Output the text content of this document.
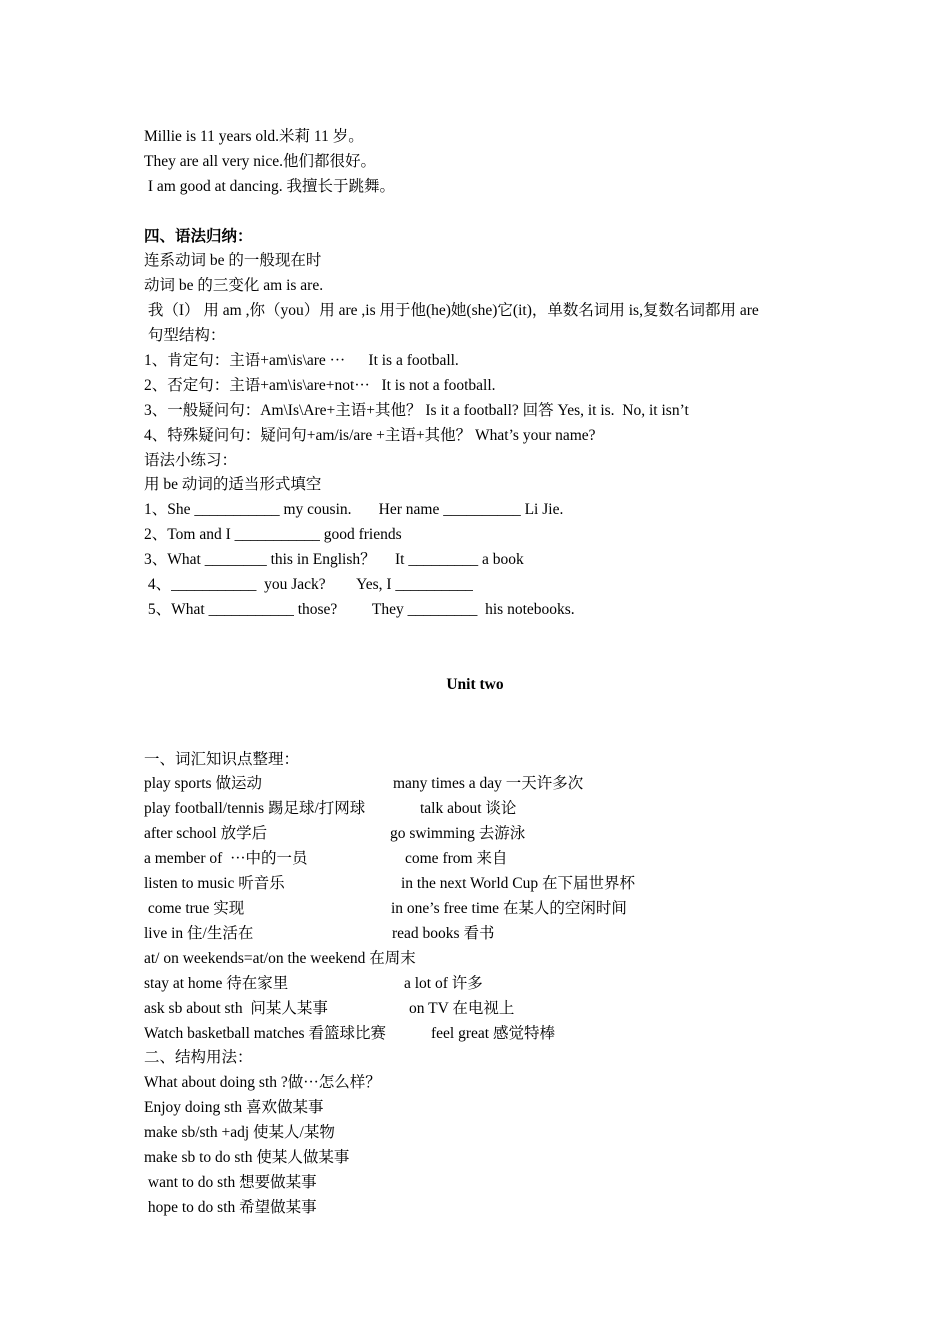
Millie is 11 years old.米莉 11 岁。
They are all very nice.他们都很好。
I am good at dancing. 我擅长于跳舞。
四、语法归纳：
连系动词 be 的一般现在时
动词 be 的三变化 am is are.
我（I） 用 am ,你（you）用 are ,is 用于他(he)她(she)它(it)，单数名词用 is,复数名词都用 are
句型结构：
1、肯定句：主语+am\is\are ···      It is a football.
2、否定句：主语+am\is\are+not···   It is not a football.
3、一般疑问句：Am\Is\Are+主语+其他？ Is it a football? 回答 Yes, it is.  No, it isn’t
4、特殊疑问句：疑问句+am/is/are +主语+其他？ What’s your name?
语法小练习：
用 be 动词的适当形式填空
1、She ___________ my cousin.       Her name __________ Li Jie.
2、Tom and I ___________ good friends
3、What ________ this in English？     It _________ a book
4、___________  you Jack?        Yes, I __________
5、What ___________ those?         They _________  his notebooks.
Unit two
一、词汇知识点整理：
play sports 做运动	many times a day 一天许多次
play football/tennis 踢足球/打网球	talk about 谈论
after school 放学后	go swimming 去游泳
a member of  ···中的一员	come from 来自
listen to music 听音乐	in the next World Cup 在下届世界杯
come true 实现	in one’s free time 在某人的空闲时间
live in 住/生活在	read books 看书
at/ on weekends=at/on the weekend 在周末
stay at home 待在家里	a lot of 许多
ask sb about sth  问某人某事	on TV 在电视上
Watch basketball matches 看篮球比赛	feel great 感觉特棒
二、结构用法：
What about doing sth ?做···怎么样？
Enjoy doing sth 喜欢做某事
make sb/sth +adj 使某人/某物
make sb to do sth 使某人做某事
want to do sth 想要做某事
hope to do sth 希望做某事
